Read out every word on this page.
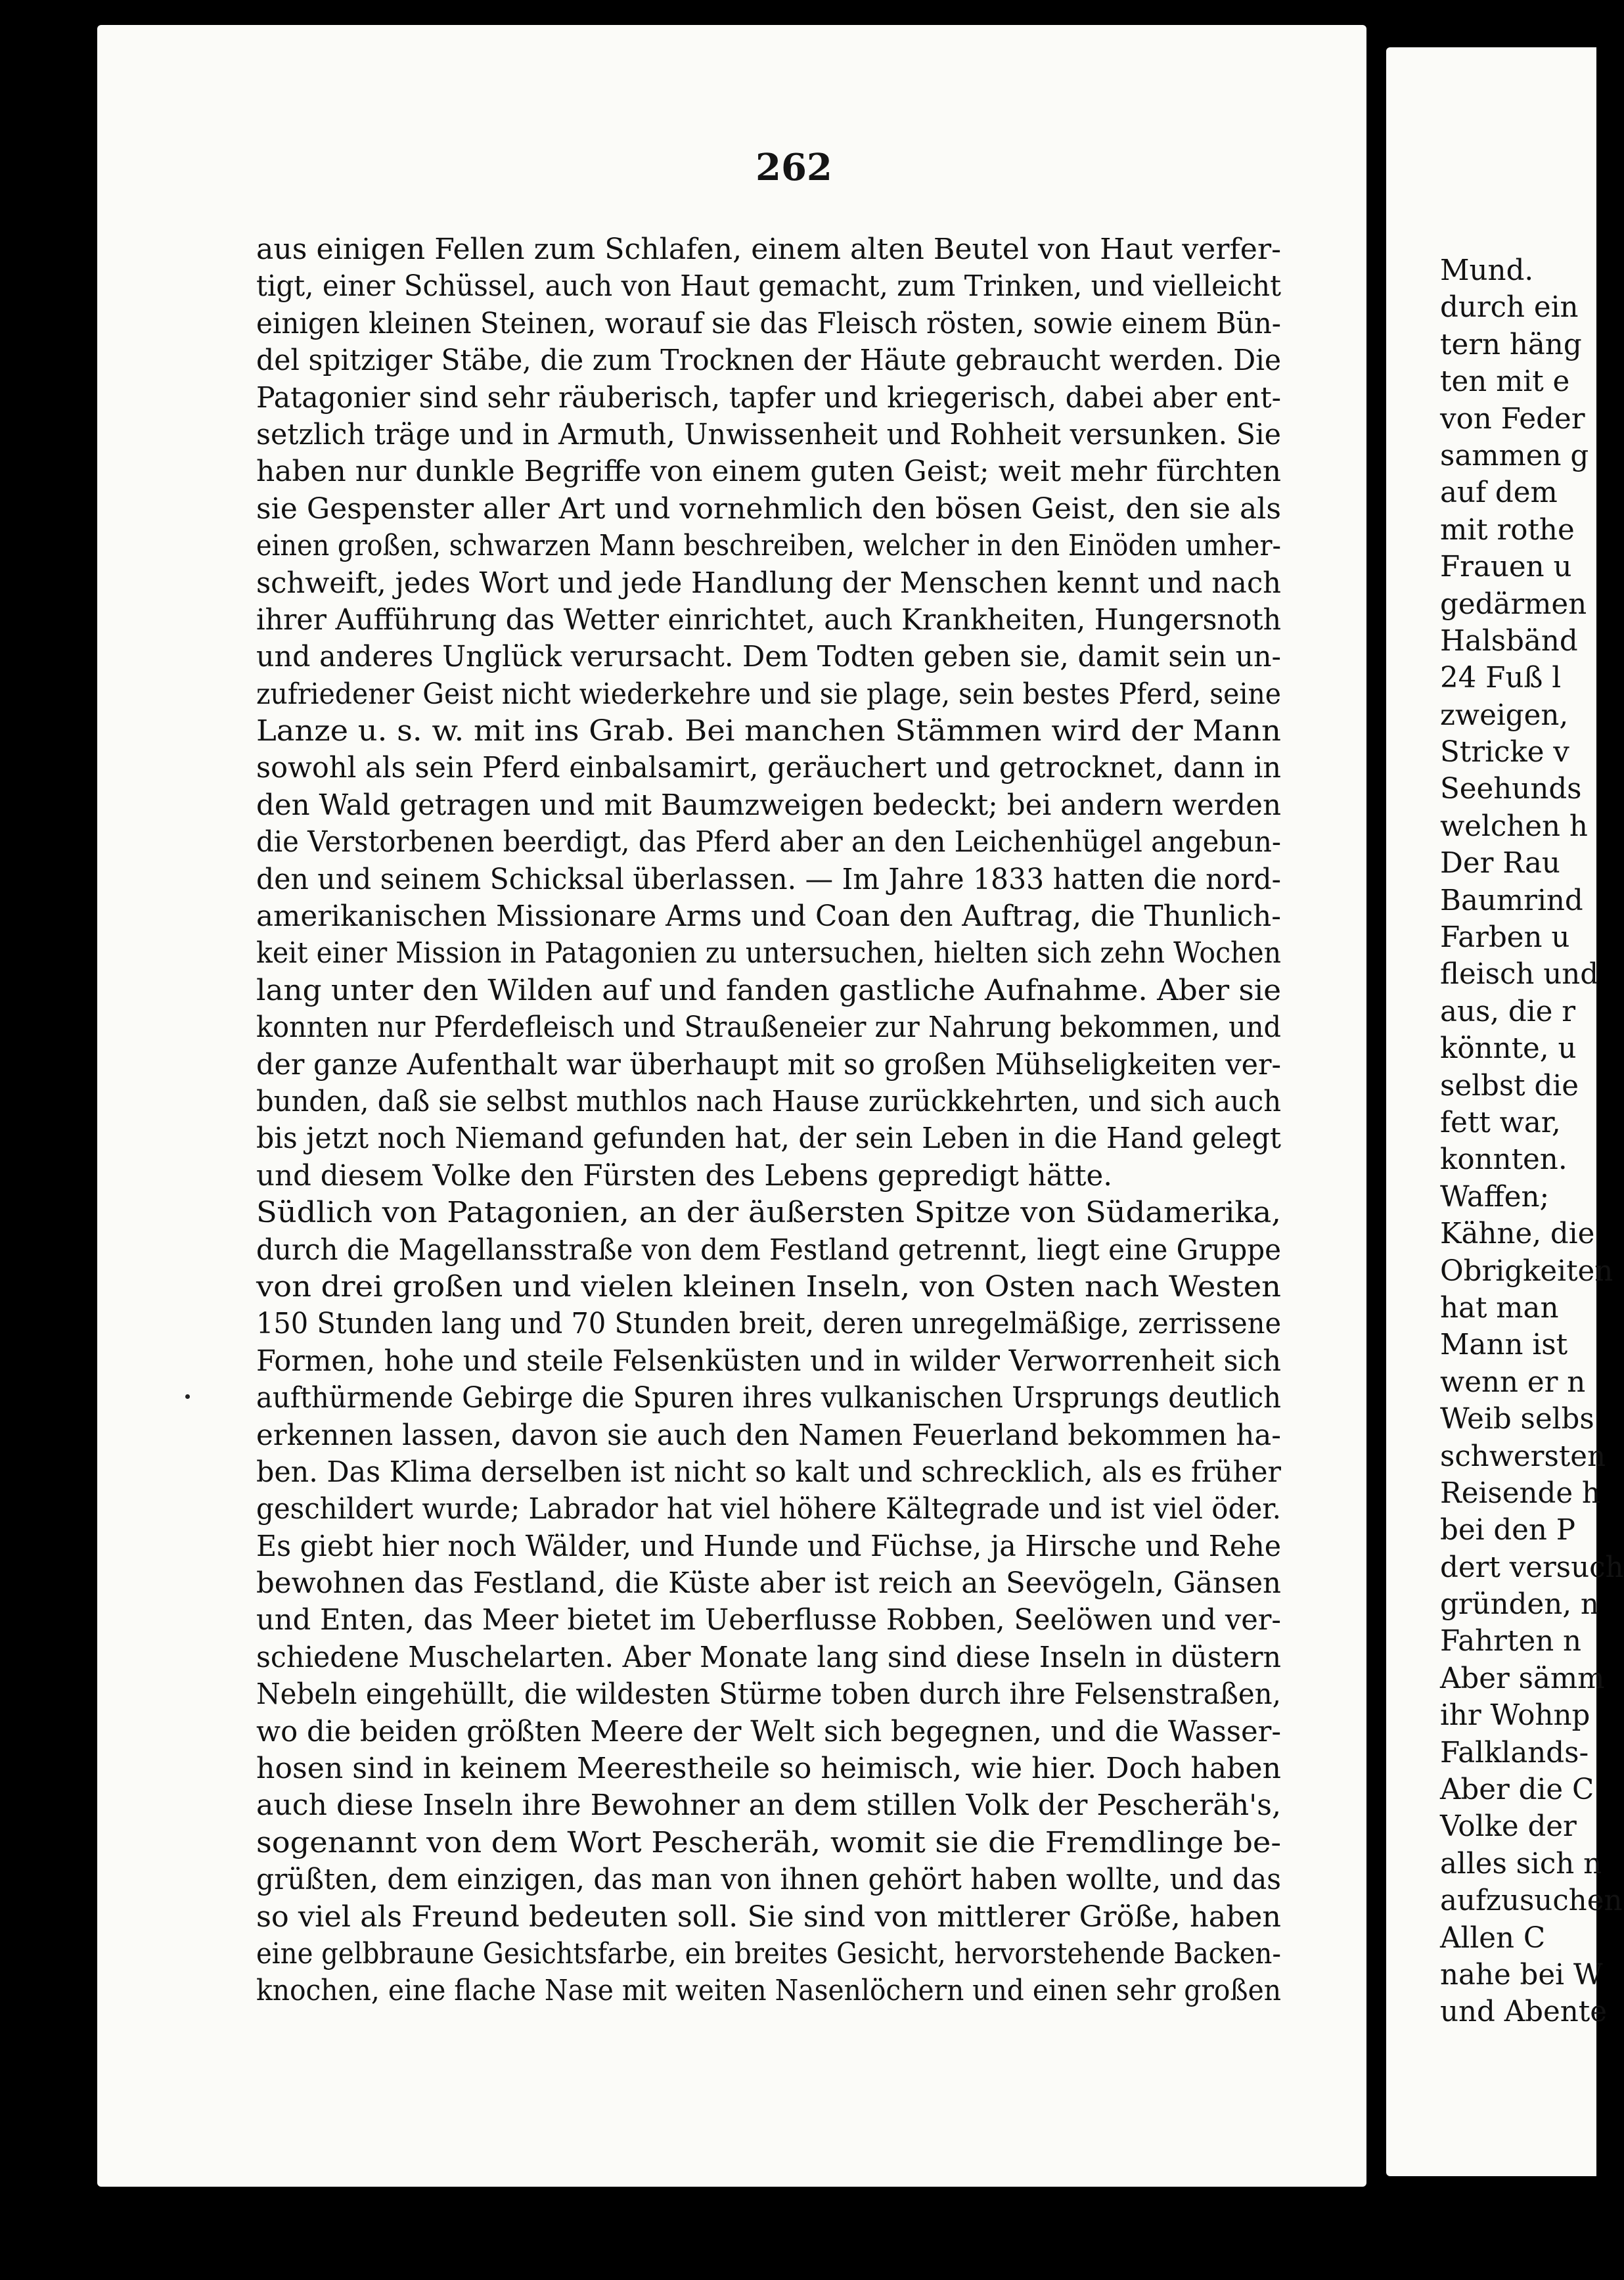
262
aus einigen Fellen zum Schlafen, einem alten Beutel von Haut verfer-
tigt, einer Schüssel, auch von Haut gemacht, zum Trinken, und vielleicht
einigen kleinen Steinen, worauf sie das Fleisch rösten, sowie einem Bün-
del spitziger Stäbe, die zum Trocknen der Häute gebraucht werden. Die
Patagonier sind sehr räuberisch, tapfer und kriegerisch, dabei aber ent-
setzlich träge und in Armuth, Unwissenheit und Rohheit versunken. Sie
haben nur dunkle Begriffe von einem guten Geist; weit mehr fürchten
sie Gespenster aller Art und vornehmlich den bösen Geist, den sie als
einen großen, schwarzen Mann beschreiben, welcher in den Einöden umher-
schweift, jedes Wort und jede Handlung der Menschen kennt und nach
ihrer Aufführung das Wetter einrichtet, auch Krankheiten, Hungersnoth
und anderes Unglück verursacht. Dem Todten geben sie, damit sein un-
zufriedener Geist nicht wiederkehre und sie plage, sein bestes Pferd, seine
Lanze u. s. w. mit ins Grab. Bei manchen Stämmen wird der Mann
sowohl als sein Pferd einbalsamirt, geräuchert und getrocknet, dann in
den Wald getragen und mit Baumzweigen bedeckt; bei andern werden
die Verstorbenen beerdigt, das Pferd aber an den Leichenhügel angebun-
den und seinem Schicksal überlassen. — Im Jahre 1833 hatten die nord-
amerikanischen Missionare Arms und Coan den Auftrag, die Thunlich-
keit einer Mission in Patagonien zu untersuchen, hielten sich zehn Wochen
lang unter den Wilden auf und fanden gastliche Aufnahme. Aber sie
konnten nur Pferdefleisch und Straußeneier zur Nahrung bekommen, und
der ganze Aufenthalt war überhaupt mit so großen Mühseligkeiten ver-
bunden, daß sie selbst muthlos nach Hause zurückkehrten, und sich auch
bis jetzt noch Niemand gefunden hat, der sein Leben in die Hand gelegt
und diesem Volke den Fürsten des Lebens gepredigt hätte.
Südlich von Patagonien, an der äußersten Spitze von Südamerika,
durch die Magellansstraße von dem Festland getrennt, liegt eine Gruppe
von drei großen und vielen kleinen Inseln, von Osten nach Westen
150 Stunden lang und 70 Stunden breit, deren unregelmäßige, zerrissene
Formen, hohe und steile Felsenküsten und in wilder Verworrenheit sich
aufthürmende Gebirge die Spuren ihres vulkanischen Ursprungs deutlich
erkennen lassen, davon sie auch den Namen Feuerland bekommen ha-
ben. Das Klima derselben ist nicht so kalt und schrecklich, als es früher
geschildert wurde; Labrador hat viel höhere Kältegrade und ist viel öder.
Es giebt hier noch Wälder, und Hunde und Füchse, ja Hirsche und Rehe
bewohnen das Festland, die Küste aber ist reich an Seevögeln, Gänsen
und Enten, das Meer bietet im Ueberflusse Robben, Seelöwen und ver-
schiedene Muschelarten. Aber Monate lang sind diese Inseln in düstern
Nebeln eingehüllt, die wildesten Stürme toben durch ihre Felsenstraßen,
wo die beiden größten Meere der Welt sich begegnen, und die Wasser-
hosen sind in keinem Meerestheile so heimisch, wie hier. Doch haben
auch diese Inseln ihre Bewohner an dem stillen Volk der Pescheräh's,
sogenannt von dem Wort Pescheräh, womit sie die Fremdlinge be-
grüßten, dem einzigen, das man von ihnen gehört haben wollte, und das
so viel als Freund bedeuten soll. Sie sind von mittlerer Größe, haben
eine gelbbraune Gesichtsfarbe, ein breites Gesicht, hervorstehende Backen-
knochen, eine flache Nase mit weiten Nasenlöchern und einen sehr großen
Mund.
durch ein
tern häng
ten mit e
von Feder
sammen g
auf dem
mit rothe
Frauen u
gedärmen
Halsbänd
24 Fuß l
zweigen,
Stricke v
Seehunds
welchen h
Der Rau
Baumrind
Farben u
fleisch und
aus, die r
könnte, u
selbst die
fett war,
konnten.
Waffen;
Kähne, die
Obrigkeiten
hat man
Mann ist
wenn er n
Weib selbs
schwersten
Reisende h
bei den P
dert versuch
gründen, n
Fahrten n
Aber sämm
ihr Wohnp
Falklands-
Aber die C
Volke der
alles sich n
aufzusuchen
Allen C
nahe bei W
und Abente
